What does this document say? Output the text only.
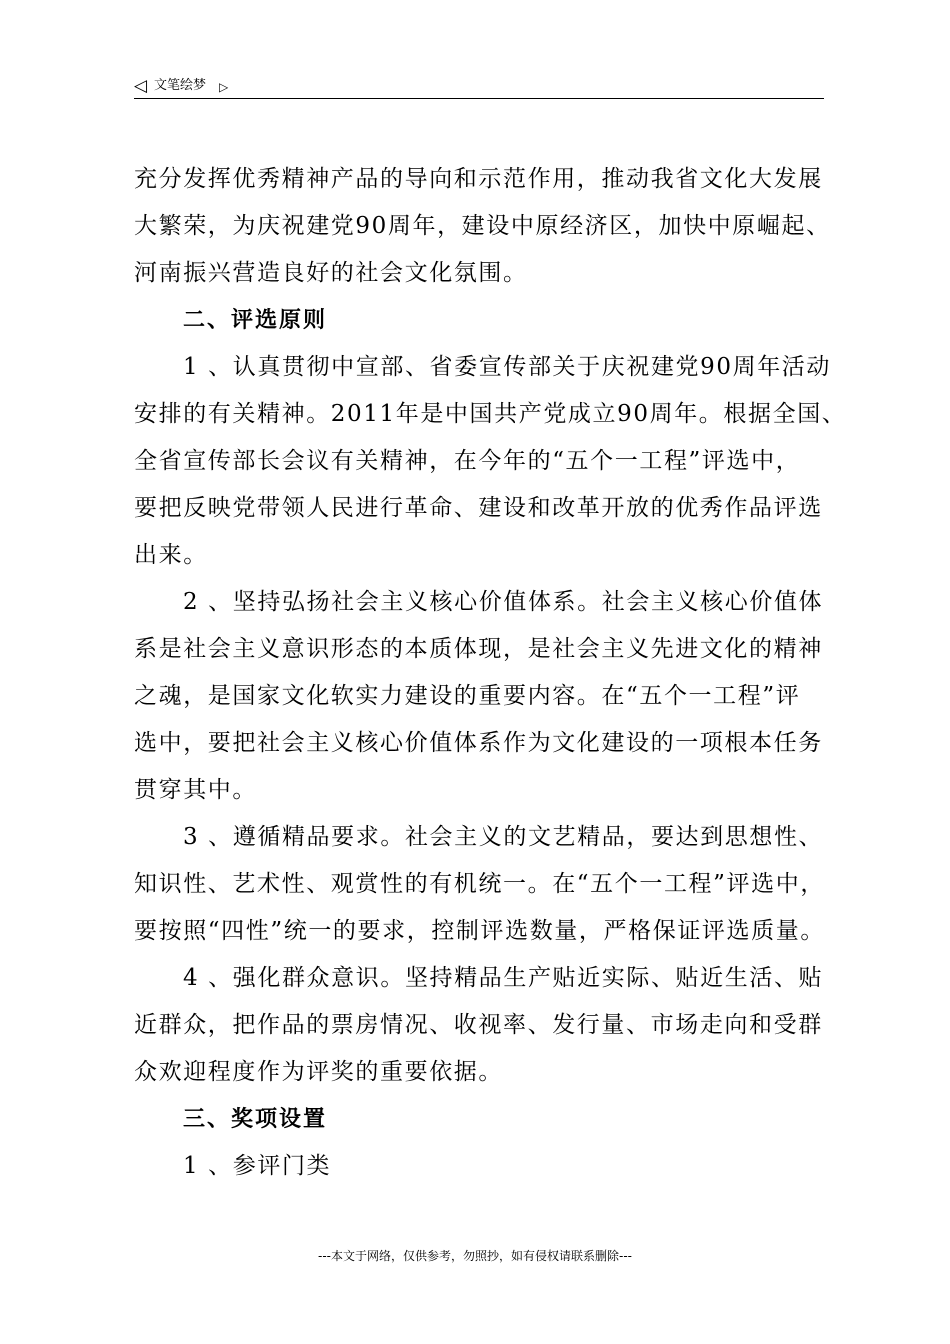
◁ 文笔绘梦 ▷
充分发挥优秀精神产品的导向和示范作用，推动我省文化大发展
大繁荣，为庆祝建党90周年，建设中原经济区，加快中原崛起、
河南振兴营造良好的社会文化氛围。
二、评选原则
1 、认真贯彻中宣部、省委宣传部关于庆祝建党90周年活动
安排的有关精神。2011年是中国共产党成立90周年。根据全国、
全省宣传部长会议有关精神，在今年的“五个一工程”评选中，
要把反映党带领人民进行革命、建设和改革开放的优秀作品评选
出来。
2 、坚持弘扬社会主义核心价值体系。社会主义核心价值体
系是社会主义意识形态的本质体现，是社会主义先进文化的精神
之魂，是国家文化软实力建设的重要内容。在“五个一工程”评
选中，要把社会主义核心价值体系作为文化建设的一项根本任务
贯穿其中。
3 、遵循精品要求。社会主义的文艺精品，要达到思想性、
知识性、艺术性、观赏性的有机统一。在“五个一工程”评选中，
要按照“四性”统一的要求，控制评选数量，严格保证评选质量。
4 、强化群众意识。坚持精品生产贴近实际、贴近生活、贴
近群众，把作品的票房情况、收视率、发行量、市场走向和受群
众欢迎程度作为评奖的重要依据。
三、奖项设置
1 、参评门类
---本文于网络，仅供参考，勿照抄，如有侵权请联系删除---
